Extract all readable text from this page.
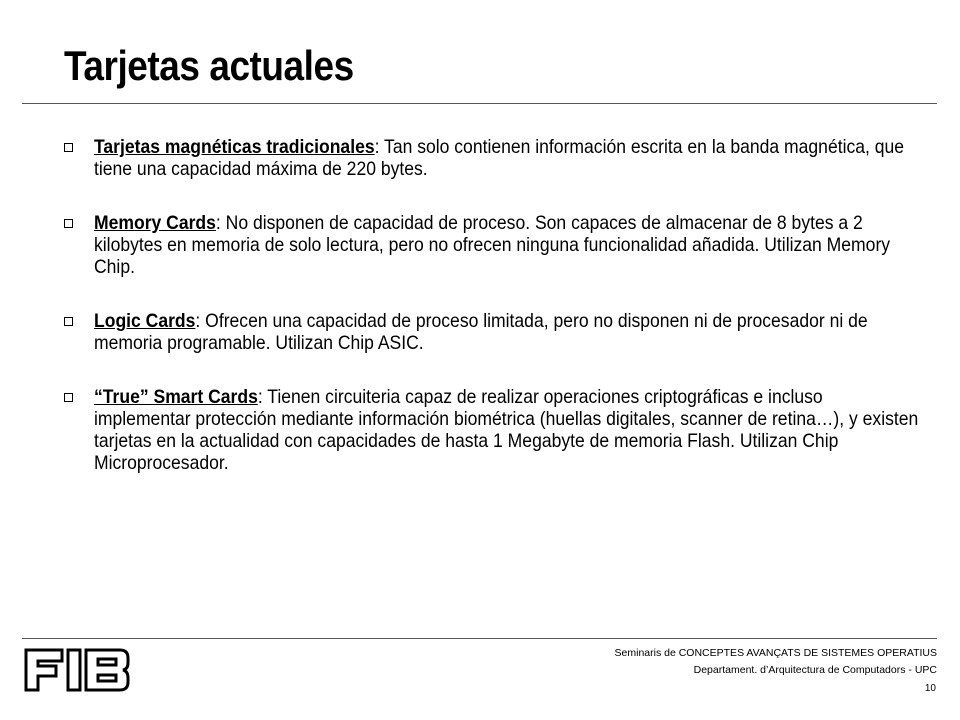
Tarjetas actuales
Tarjetas magnéticas tradicionales: Tan solo contienen información escrita en la banda magnética, que tiene una capacidad máxima de 220 bytes.
Memory Cards: No disponen de capacidad de proceso. Son capaces de almacenar de 8 bytes a 2 kilobytes en memoria de solo lectura, pero no ofrecen ninguna funcionalidad añadida. Utilizan Memory Chip.
Logic Cards: Ofrecen una capacidad de proceso limitada, pero no disponen ni de procesador ni de memoria programable. Utilizan Chip ASIC.
“True” Smart Cards: Tienen circuiteria capaz de realizar operaciones criptográficas e incluso implementar protección mediante información biométrica (huellas digitales, scanner de retina…), y existen tarjetas en la actualidad con capacidades de hasta 1 Megabyte de memoria Flash. Utilizan Chip Microprocesador.
Seminaris de CONCEPTES AVANÇATS DE SISTEMES OPERATIUS
Departament. d’Arquitectura de Computadors - UPC
10
